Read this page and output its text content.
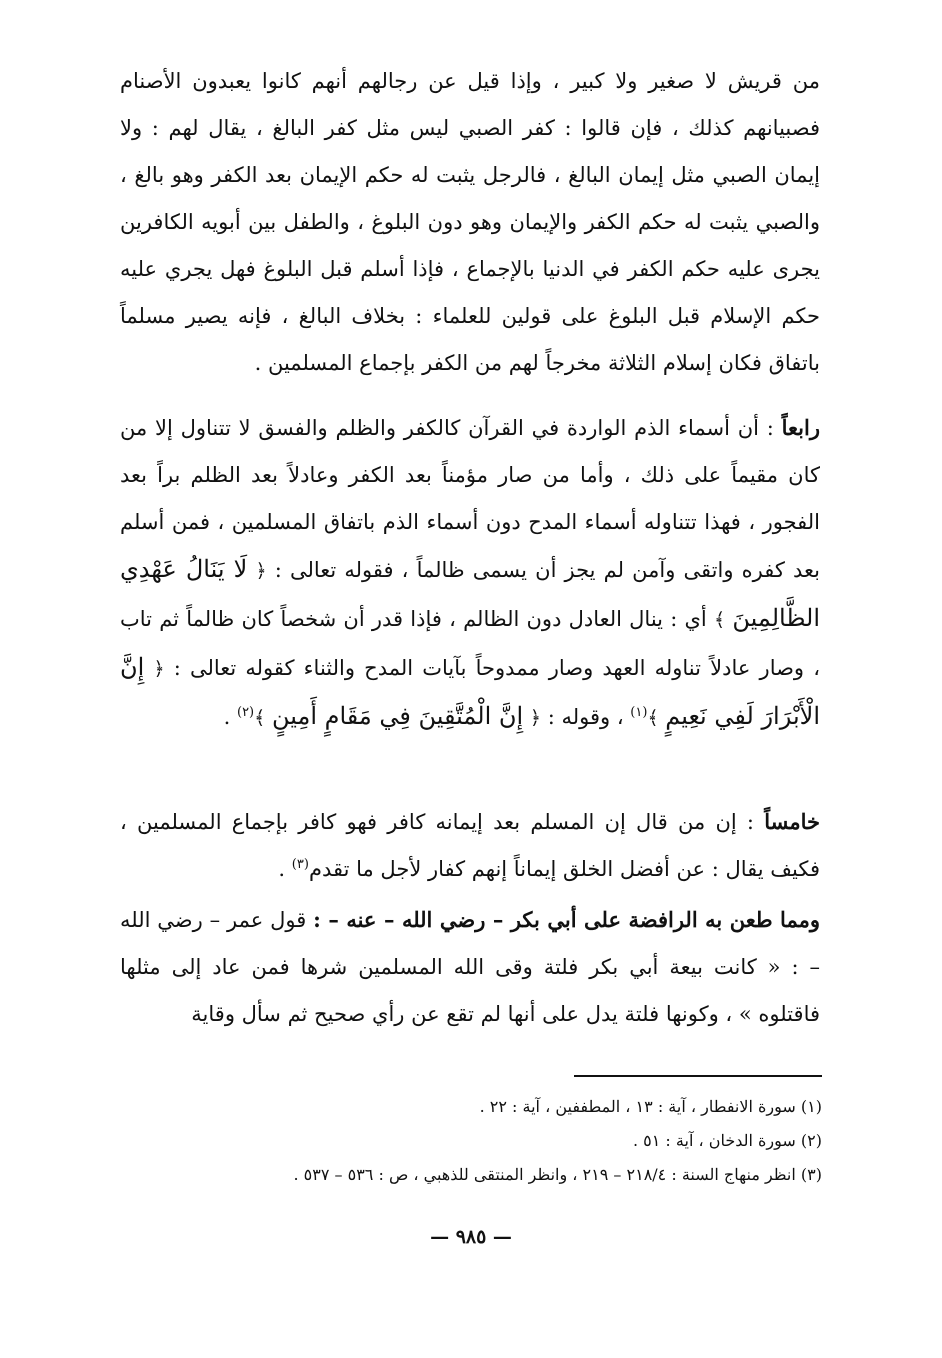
من قريش لا صغير ولا كبير ، وإذا قيل عن رجالهم أنهم كانوا يعبدون الأصنام فصبيانهم كذلك ، فإن قالوا : كفر الصبي ليس مثل كفر البالغ ، يقال لهم : ولا إيمان الصبي مثل إيمان البالغ ، فالرجل يثبت له حكم الإيمان بعد الكفر وهو بالغ ، والصبي يثبت له حكم الكفر والإيمان وهو دون البلوغ ، والطفل بين أبويه الكافرين يجرى عليه حكم الكفر في الدنيا بالإجماع ، فإذا أسلم قبل البلوغ فهل يجري عليه حكم الإسلام قبل البلوغ على قولين للعلماء : بخلاف البالغ ، فإنه يصير مسلماً باتفاق فكان إسلام الثلاثة مخرجاً لهم من الكفر بإجماع المسلمين .

رابعاً : أن أسماء الذم الواردة في القرآن كالكفر والظلم والفسق لا تتناول إلا من كان مقيماً على ذلك ، وأما من صار مؤمناً بعد الكفر وعادلاً بعد الظلم براً بعد الفجور ، فهذا تتناوله أسماء المدح دون أسماء الذم باتفاق المسلمين ، فمن أسلم بعد كفره واتقى وآمن لم يجز أن يسمى ظالماً ، فقوله تعالى : ﴿ لَا يَنَالُ عَهْدِي الظَّالِمِينَ ﴾ أي : ينال العادل دون الظالم ، فإذا قدر أن شخصاً كان ظالماً ثم تاب ، وصار عادلاً تناوله العهد وصار ممدوحاً بآيات المدح والثناء كقوله تعالى : ﴿ إِنَّ الْأَبْرَارَ لَفِي نَعِيمٍ ﴾$^{(١)}$ ، وقوله : ﴿ إِنَّ الْمُتَّقِينَ فِي مَقَامٍ أَمِينٍ ﴾$^{(٢)}$ .

خامساً : إن من قال إن المسلم بعد إيمانه كافر فهو كافر بإجماع المسلمين ، فكيف يقال : عن أفضل الخلق إيماناً إنهم كفار لأجل ما تقدم$^{(٣)}$ .

ومما طعن به الرافضة على أبي بكر – رضي الله – عنه – : قول عمر – رضي الله – : « كانت بيعة أبي بكر فلتة وقى الله المسلمين شرها فمن عاد إلى مثلها فاقتلوه » ، وكونها فلتة يدل على أنها لم تقع عن رأي صحيح ثم سأل وقاية

(١) سورة الانفطار ، آية : ١٣ ، المطففين ، آية : ٢٢ .

(٢) سورة الدخان ، آية : ٥١ .

(٣) انظر منهاج السنة : ٢١٨/٤ – ٢١٩ ، وانظر المنتقى للذهبي ، ص : ٥٣٦ – ٥٣٧ .

— ٩٨٥ —
